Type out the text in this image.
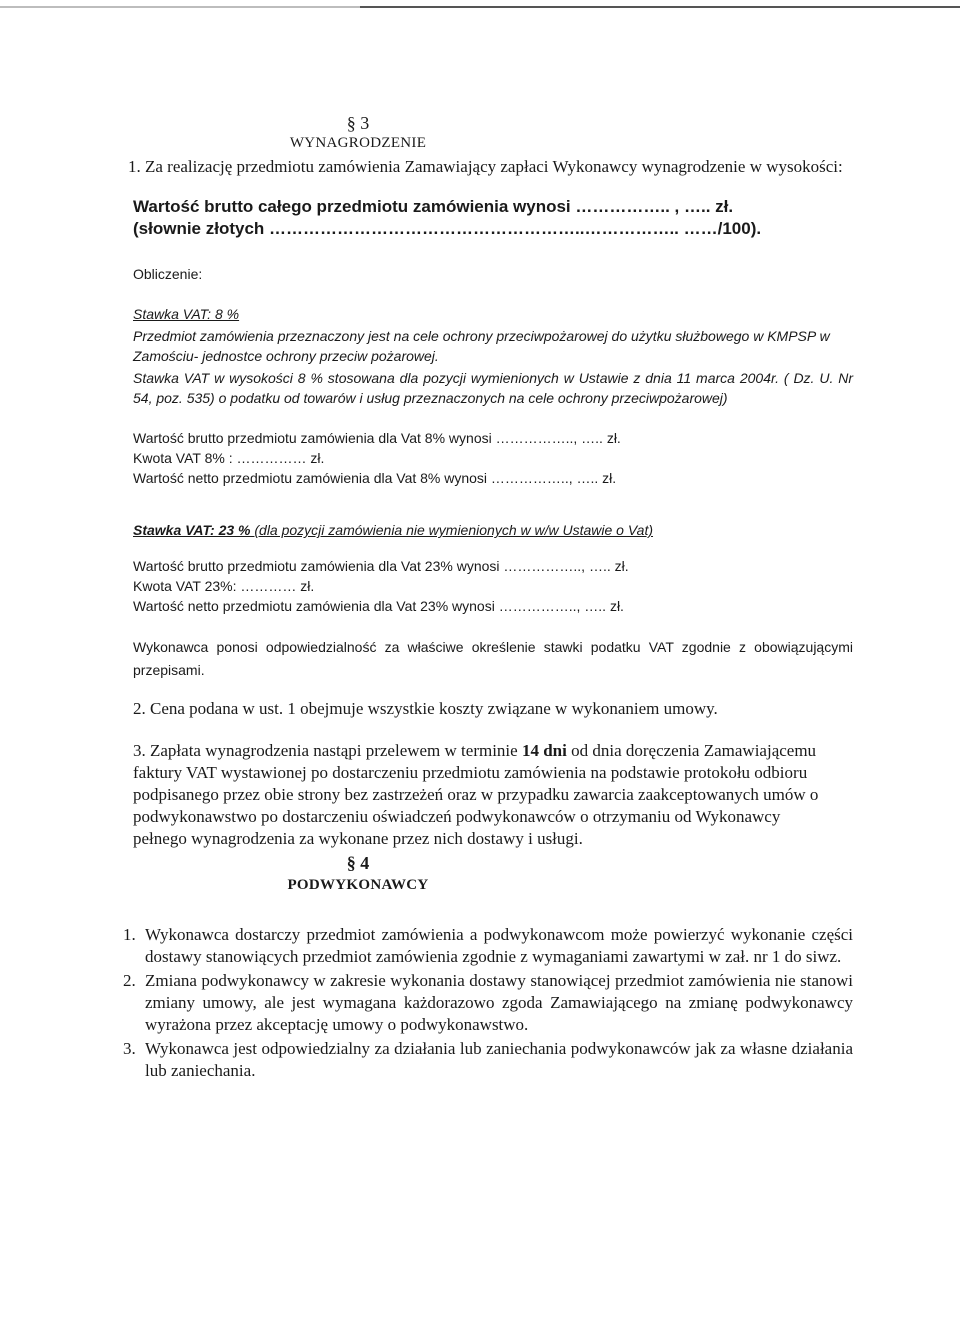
§ 3
WYNAGRODZENIE
1. Za realizację przedmiotu zamówienia Zamawiający zapłaci Wykonawcy wynagrodzenie w wysokości:
Wartość brutto całego przedmiotu zamówienia wynosi …………….. , ….. zł.
(słownie złotych ………………………………………………..…………….. ……/100).
Obliczenie:
Stawka VAT: 8 %
Przedmiot zamówienia przeznaczony jest na cele ochrony przeciwpożarowej do użytku służbowego w KMPSP w Zamościu- jednostce ochrony przeciw pożarowej.
Stawka VAT w wysokości 8 % stosowana dla pozycji wymienionych w Ustawie z dnia 11 marca 2004r. ( Dz. U. Nr 54, poz. 535) o podatku od towarów i usług przeznaczonych na cele ochrony przeciwpożarowej)
Wartość brutto przedmiotu zamówienia dla Vat 8% wynosi …………….., ….. zł.
Kwota VAT 8% : …………… zł.
Wartość netto przedmiotu zamówienia dla Vat 8% wynosi …………….., ….. zł.
Stawka VAT: 23 % (dla pozycji zamówienia nie wymienionych w w/w Ustawie o Vat)
Wartość brutto przedmiotu zamówienia dla Vat 23% wynosi …………….., ….. zł.
Kwota VAT 23%: ………… zł.
Wartość netto przedmiotu zamówienia dla Vat 23% wynosi …………….., ….. zł.
Wykonawca ponosi odpowiedzialność za właściwe określenie stawki podatku VAT zgodnie z obowiązującymi przepisami.
2. Cena podana w ust. 1 obejmuje wszystkie koszty związane w wykonaniem umowy.
3. Zapłata wynagrodzenia nastąpi przelewem w terminie 14 dni od dnia doręczenia Zamawiającemu faktury VAT wystawionej po dostarczeniu przedmiotu zamówienia na podstawie protokołu odbioru podpisanego przez obie strony bez zastrzeżeń oraz w przypadku zawarcia zaakceptowanych umów o podwykonawstwo po dostarczeniu oświadczeń podwykonawców o otrzymaniu od Wykonawcy pełnego wynagrodzenia za wykonane przez nich dostawy i usługi.
§ 4
PODWYKONAWCY
1. Wykonawca dostarczy przedmiot zamówienia a podwykonawcom może powierzyć wykonanie części dostawy stanowiących przedmiot zamówienia zgodnie z wymaganiami zawartymi w zał. nr 1 do siwz.
2. Zmiana podwykonawcy w zakresie wykonania dostawy stanowiącej przedmiot zamówienia nie stanowi zmiany umowy, ale jest wymagana każdorazowo zgoda Zamawiającego na zmianę podwykonawcy wyrażona przez akceptację umowy o podwykonawstwo.
3. Wykonawca jest odpowiedzialny za działania lub zaniechania podwykonawców jak za własne działania lub zaniechania.
